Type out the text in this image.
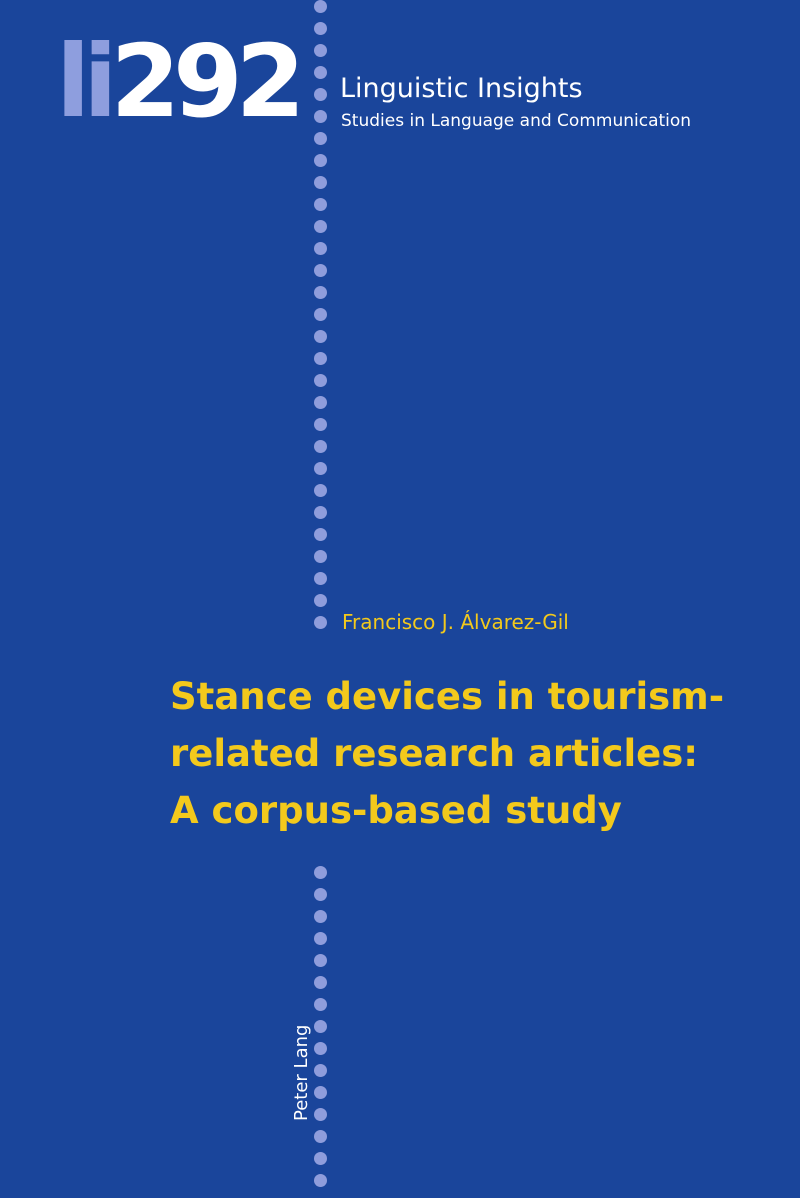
li292 Linguistic Insights
Studies in Language and Communication
Francisco J. Álvarez-Gil
Stance devices in tourism-
related research articles:
A corpus-based study
Peter Lang
